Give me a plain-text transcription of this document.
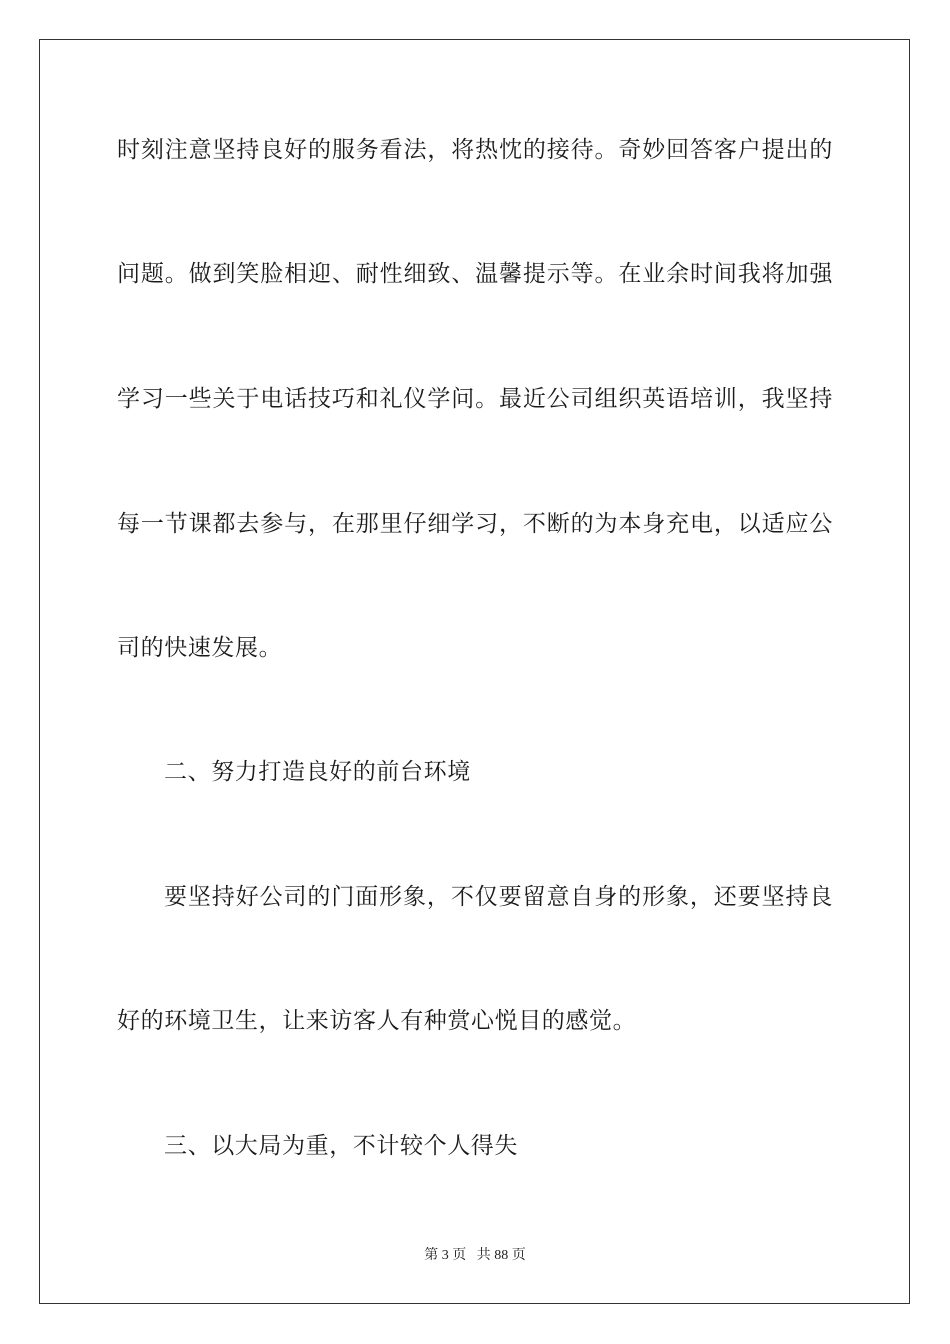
时刻注意坚持良好的服务看法，将热忱的接待。奇妙回答客户提出的
问题。做到笑脸相迎、耐性细致、温馨提示等。在业余时间我将加强
学习一些关于电话技巧和礼仪学问。最近公司组织英语培训，我坚持
每一节课都去参与，在那里仔细学习，不断的为本身充电，以适应公
司的快速发展。
二、努力打造良好的前台环境
要坚持好公司的门面形象，不仅要留意自身的形象，还要坚持良
好的环境卫生，让来访客人有种赏心悦目的感觉。
三、以大局为重，不计较个人得失
第 3 页 共 88 页
